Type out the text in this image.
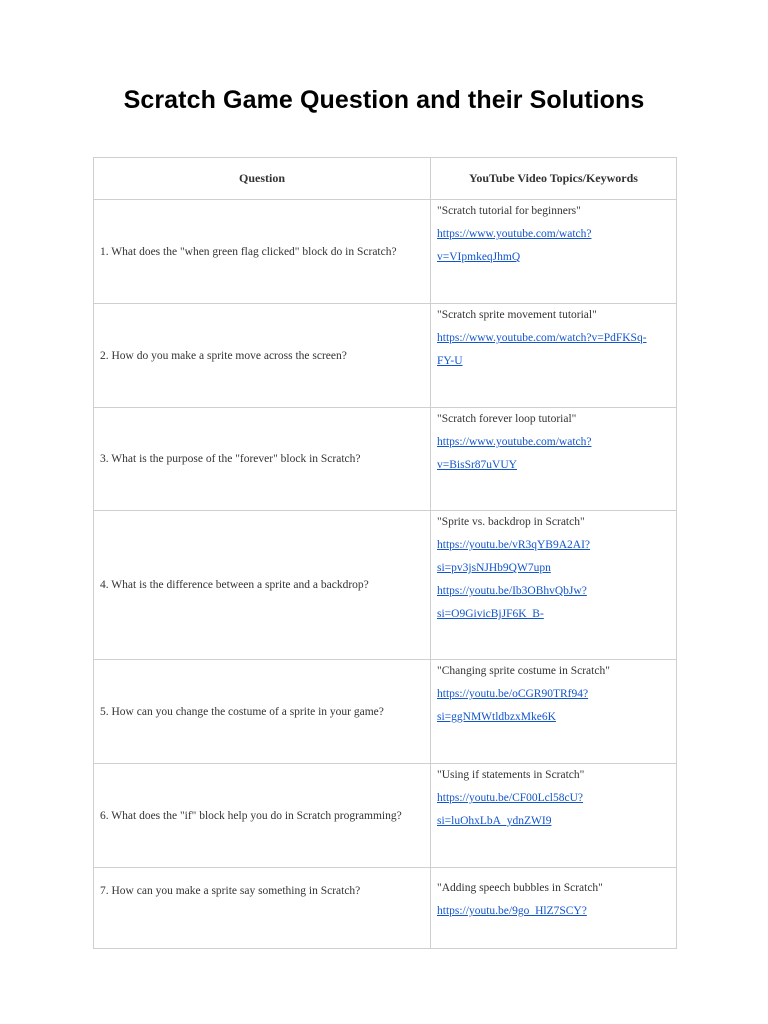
Scratch Game Question and their Solutions
Question	YouTube Video Topics/Keywords
1. What does the "when green flag clicked" block do in Scratch?	"Scratch tutorial for beginners"
https://www.youtube.com/watch?
v=VIpmkeqJhmQ

2. How do you make a sprite move across the screen?	"Scratch sprite movement tutorial"
https://www.youtube.com/watch?v=PdFKSq-
FY-U

3. What is the purpose of the "forever" block in Scratch?	"Scratch forever loop tutorial"
https://www.youtube.com/watch?
v=BisSr87uVUY

4. What is the difference between a sprite and a backdrop?	"Sprite vs. backdrop in Scratch"
https://youtu.be/vR3qYB9A2AI?
si=pv3jsNJHb9QW7upn
https://youtu.be/Ib3OBhvQbJw?
si=O9GivicBjJF6K_B-

5. How can you change the costume of a sprite in your game?	"Changing sprite costume in Scratch"
https://youtu.be/oCGR90TRf94?
si=ggNMWtldbzxMke6K

6. What does the "if" block help you do in Scratch programming?	"Using if statements in Scratch"
https://youtu.be/CF00Lcl58cU?
si=luOhxLbA_ydnZWI9

7. How can you make a sprite say something in Scratch?	"Adding speech bubbles in Scratch"
https://youtu.be/9go_HlZ7SCY?
